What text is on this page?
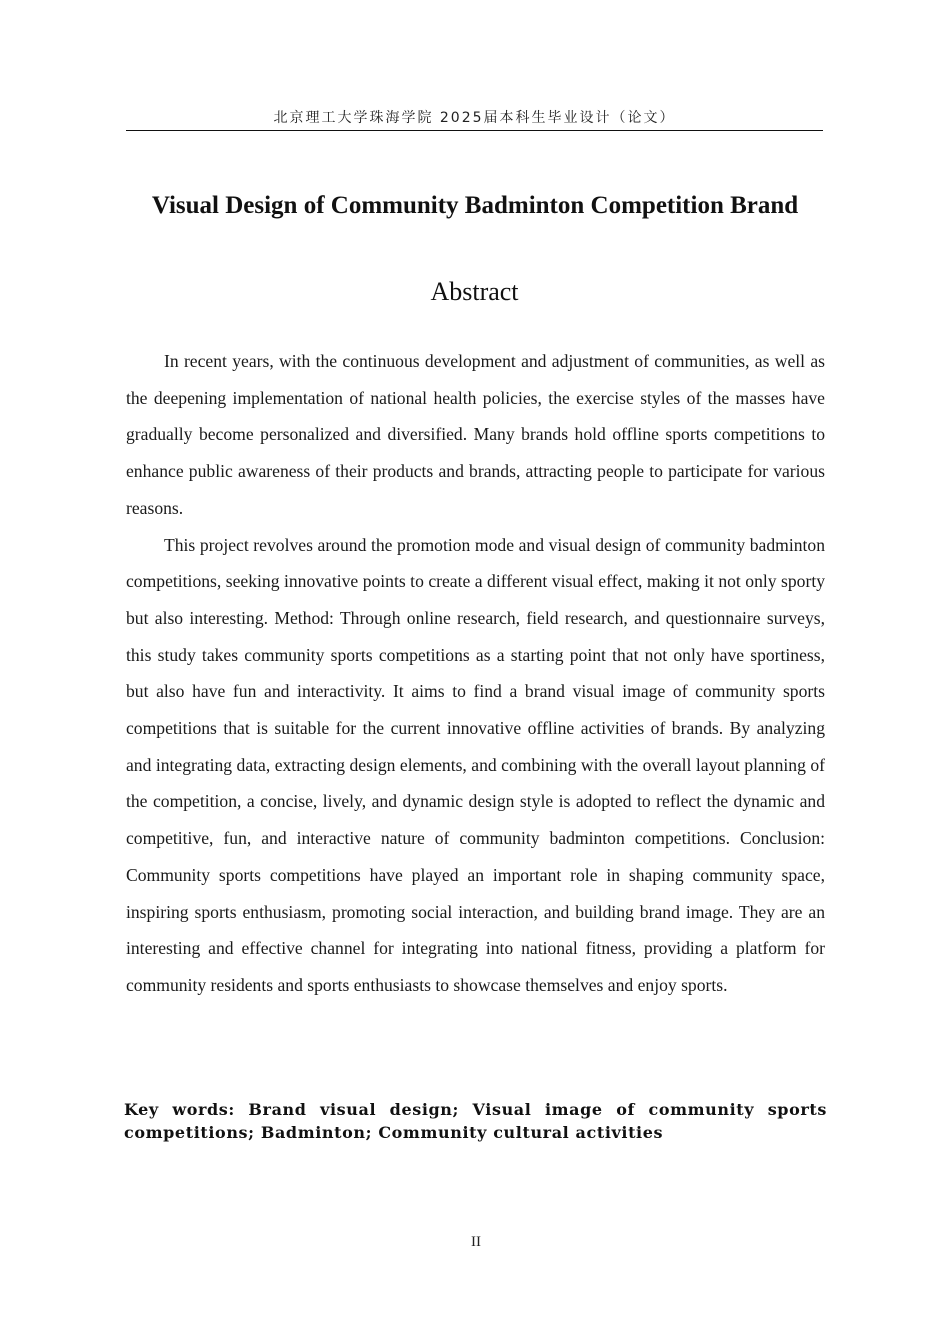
北京理工大学珠海学院 2025届本科生毕业设计（论文）
Visual Design of Community Badminton Competition Brand
Abstract

In recent years, with the continuous development and adjustment of communities, as well as the deepening implementation of national health policies, the exercise styles of the masses have gradually become personalized and diversified. Many brands hold offline sports competitions to enhance public awareness of their products and brands, attracting people to participate for various reasons.

This project revolves around the promotion mode and visual design of community badminton competitions, seeking innovative points to create a different visual effect, making it not only sporty but also interesting. Method: Through online research, field research, and questionnaire surveys, this study takes community sports competitions as a starting point that not only have sportiness, but also have fun and interactivity. It aims to find a brand visual image of community sports competitions that is suitable for the current innovative offline activities of brands. By analyzing and integrating data, extracting design elements, and combining with the overall layout planning of the competition, a concise, lively, and dynamic design style is adopted to reflect the dynamic and competitive, fun, and interactive nature of community badminton competitions. Conclusion: Community sports competitions have played an important role in shaping community space, inspiring sports enthusiasm, promoting social interaction, and building brand image. They are an interesting and effective channel for integrating into national fitness, providing a platform for community residents and sports enthusiasts to showcase themselves and enjoy sports.

Key words: Brand visual design; Visual image of community sports competitions; Badminton; Community cultural activities
II
